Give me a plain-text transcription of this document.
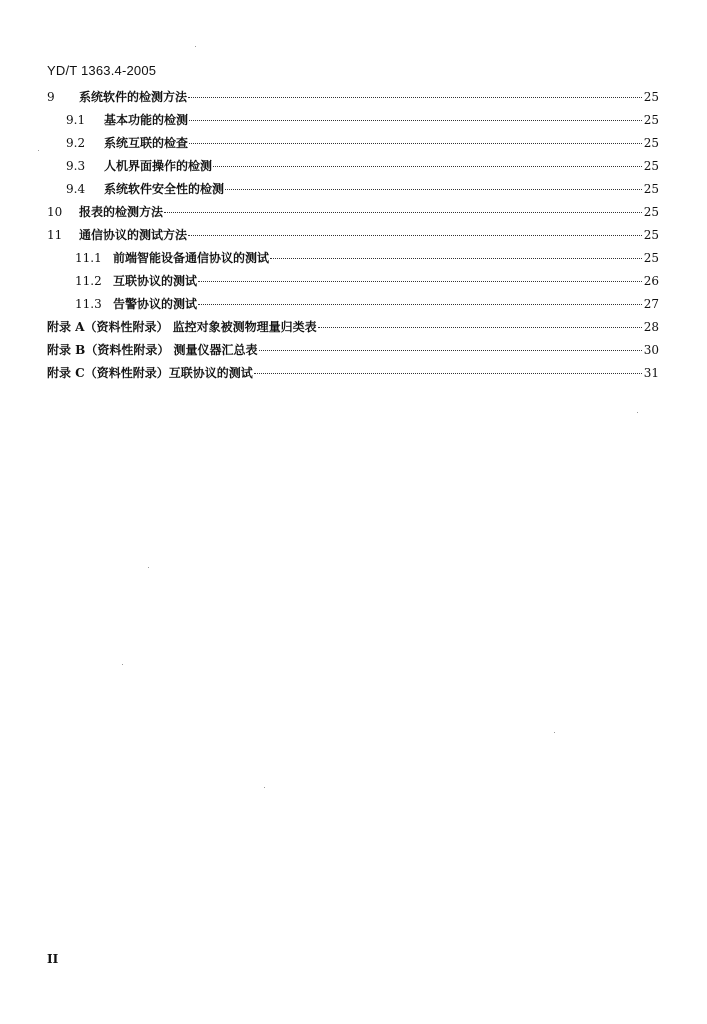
YD/T 1363.4-2005
9	系统软件的检测方法	25
9.1	基本功能的检测	25
9.2	系统互联的检查	25
9.3	人机界面操作的检测	25
9.4	系统软件安全性的检测	25
10	报表的检测方法	25
11	通信协议的测试方法	25
11.1 前端智能设备通信协议的测试	25
11.2 互联协议的测试	26
11.3 告警协议的测试	27
附录 A（资料性附录） 监控对象被测物理量归类表	28
附录 B（资料性附录） 测量仪器汇总表	30
附录 C（资料性附录）互联协议的测试	31
II
